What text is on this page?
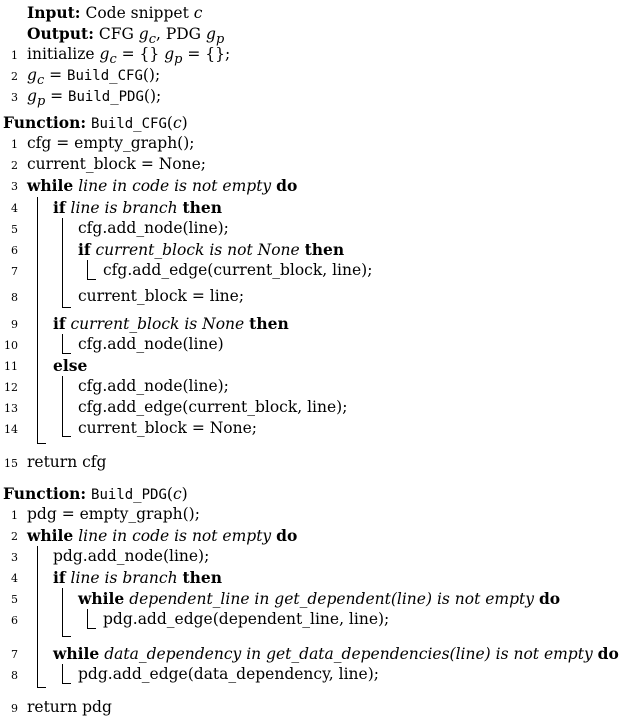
Input: Code snippet c
Output: CFG $g_c$, PDG $g_p$
1 initialize $g_c$ = {} $g_p$ = {};
2 $g_c$ = Build_CFG();
3 $g_p$ = Build_PDG();
Function: Build_CFG(c)
1 cfg = empty_graph();
2 current_block = None;
3 while line in code is not empty do
4 if line is branch then
5	cfg.add_node(line);
6	if current_block is not None then
7	cfg.add_edge(current_block, line);
8	current_block = line;
9 if current_block is None then
10	cfg.add_node(line)
11 else
12	cfg.add_node(line);
13	cfg.add_edge(current_block, line);
14	current_block = None;
15 return cfg
Function: Build_PDG(c)
1 pdg = empty_graph();
2 while line in code is not empty do
3 pdg.add_node(line);
4 if line is branch then
5	while dependent_line in get_dependent(line) is not empty do
6	pdg.add_edge(dependent_line, line);
7 while data_dependency in get_data_dependencies(line) is not empty do
8	pdg.add_edge(data_dependency, line);
9 return pdg
